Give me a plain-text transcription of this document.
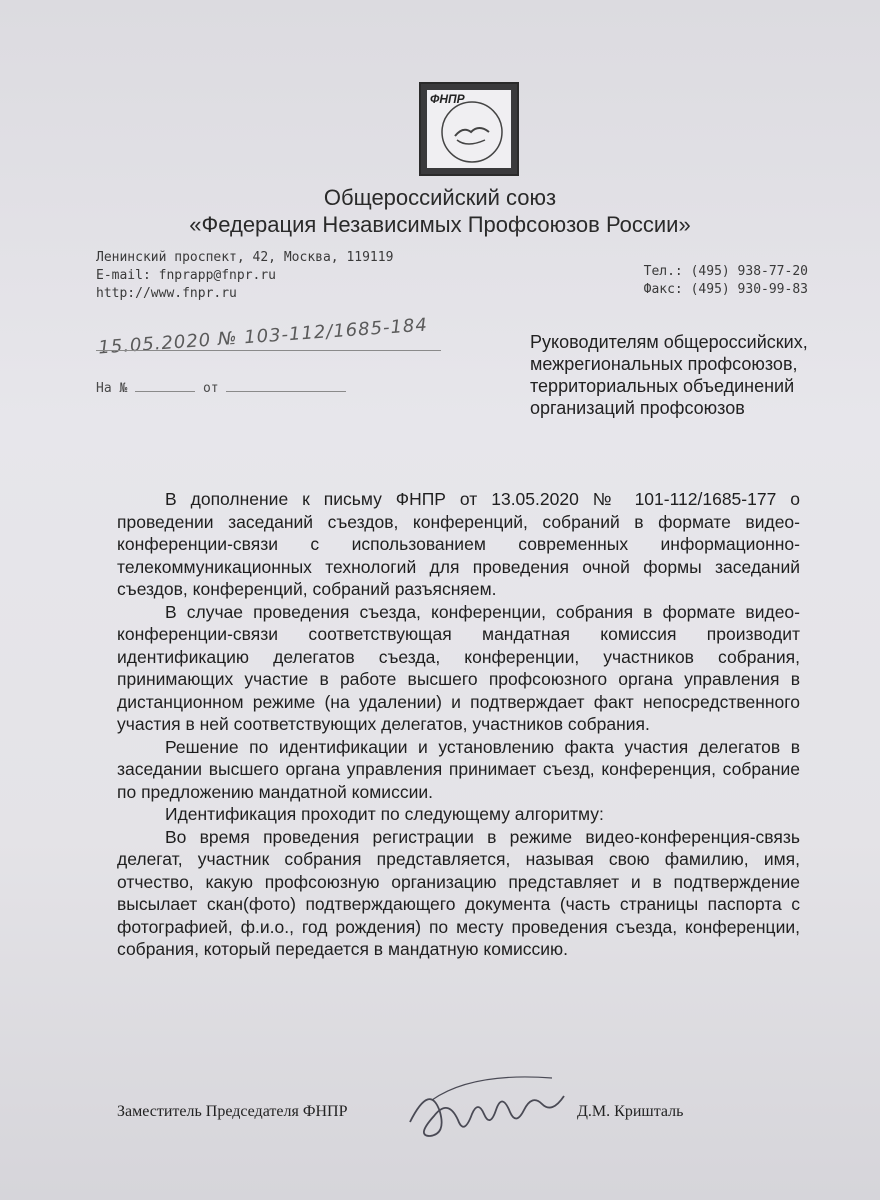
ФНПР
Общероссийский союз
«Федерация Независимых Профсоюзов России»
Ленинский проспект, 42, Москва, 119119
E-mail: fnprapp@fnpr.ru
http://www.fnpr.ru
Тел.: (495) 938-77-20
Факс: (495) 930-99-83
15.05.2020 № 103-112/1685-184
На №	от
Руководителям общероссийских,
межрегиональных профсоюзов,
территориальных объединений
организаций профсоюзов

В дополнение к письму ФНПР от 13.05.2020 № 101-112/1685-177 о проведении заседаний съездов, конференций, собраний в формате видео-конференции-связи с использованием современных информационно-телекоммуникационных технологий для проведения очной формы заседаний съездов, конференций, собраний разъясняем.

В случае проведения съезда, конференции, собрания в формате видео-конференции-связи соответствующая мандатная комиссия производит идентификацию делегатов съезда, конференции, участников собрания, принимающих участие в работе высшего профсоюзного органа управления в дистанционном режиме (на удалении) и подтверждает факт непосредственного участия в ней соответствующих делегатов, участников собрания.

Решение по идентификации и установлению факта участия делегатов в заседании высшего органа управления принимает съезд, конференция, собрание по предложению мандатной комиссии.

Идентификация проходит по следующему алгоритму:

Во время проведения регистрации в режиме видео-конференция-связь делегат, участник собрания представляется, называя свою фамилию, имя, отчество, какую профсоюзную организацию представляет и в подтверждение высылает скан(фото) подтверждающего документа (часть страницы паспорта с фотографией, ф.и.о., год рождения) по месту проведения съезда, конференции, собрания, который передается в мандатную комиссию.

Заместитель Председателя ФНПР	Д.М. Кришталь
